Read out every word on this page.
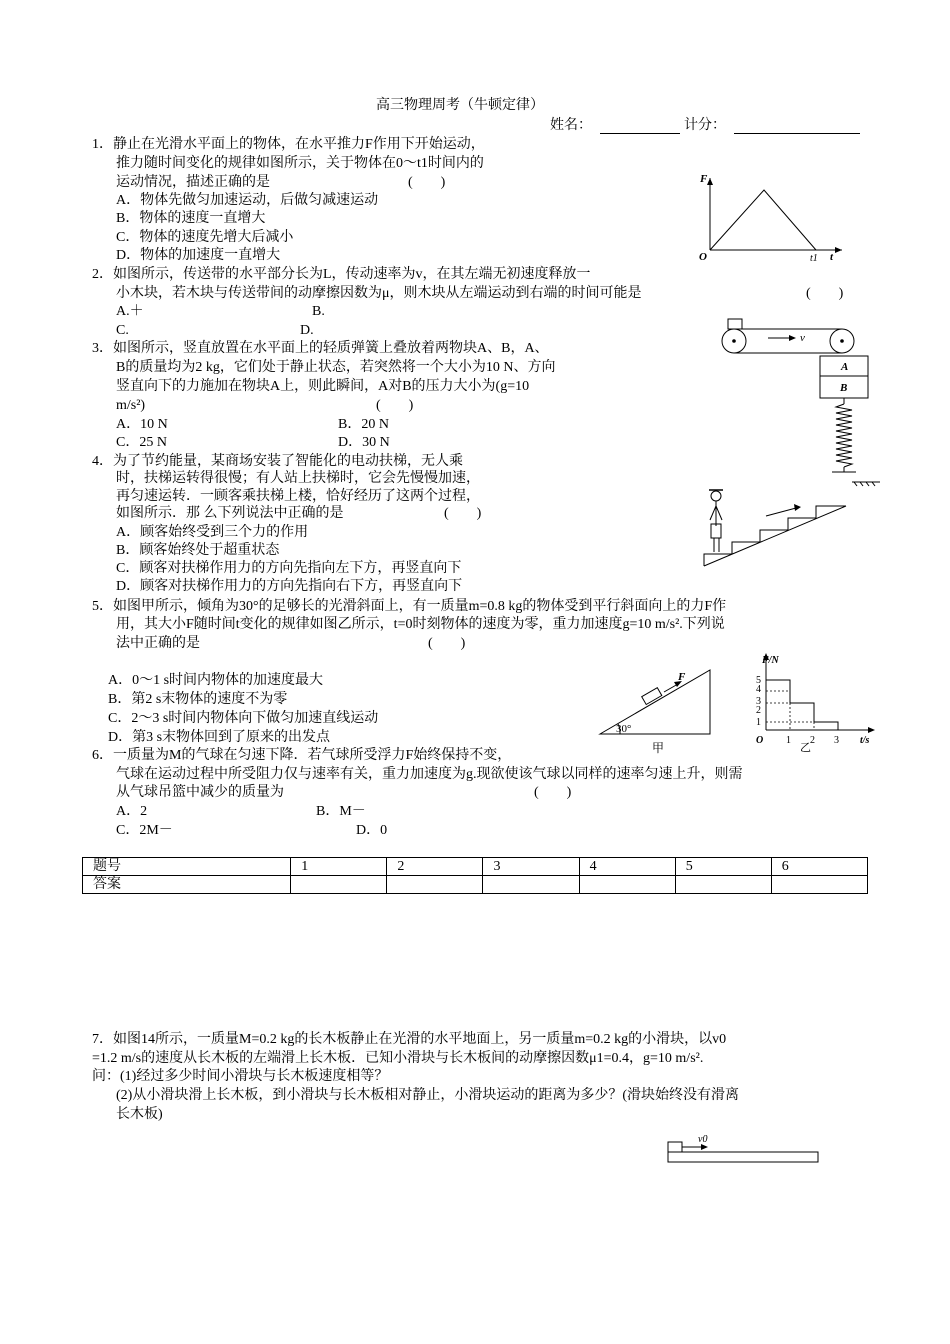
高三物理周考（牛顿定律）
姓名：	计分：
1．静止在光滑水平面上的物体，在水平推力F作用下开始运动，
推力随时间变化的规律如图所示，关于物体在0～t1时间内的
运动情况，描述正确的是	(　　)
A．物体先做匀加速运动，后做匀减速运动
B．物体的速度一直增大
C．物体的速度先增大后减小
D．物体的加速度一直增大
F
O	t1 t
2．如图所示，传送带的水平部分长为L，传动速率为v，在其左端无初速度释放一
小木块，若木块与传送带间的动摩擦因数为μ，则木块从左端运动到右端的时间可能是	(　　)
A.＋	B.
C.	D.	v
3．如图所示，竖直放置在水平面上的轻质弹簧上叠放着两物块A、B，A、
B的质量均为2 kg，它们处于静止状态，若突然将一个大小为10 N、方向
竖直向下的力施加在物块A上，则此瞬间，A对B的压力大小为(g=10
m/s²)	(　　)
A．10 N	B．20 N
C．25 N	D．30 N
A
B
4．为了节约能量，某商场安装了智能化的电动扶梯，无人乘
时，扶梯运转得很慢；有人站上扶梯时，它会先慢慢加速，
再匀速运转．一顾客乘扶梯上楼，恰好经历了这两个过程，
如图所示．那 么下列说法中正确的是	(　　)
A．顾客始终受到三个力的作用
B．顾客始终处于超重状态
C．顾客对扶梯作用力的方向先指向左下方，再竖直向下
D．顾客对扶梯作用力的方向先指向右下方，再竖直向下
5．如图甲所示，倾角为30°的足够长的光滑斜面上，有一质量m=0.8 kg的物体受到平行斜面向上的力F作
用，其大小F随时间t变化的规律如图乙所示，t=0时刻物体的速度为零，重力加速度g=10 m/s².下列说
法中正确的是	(　　)
A．0～1 s时间内物体的加速度最大
B．第2 s末物体的速度不为零
C．2～3 s时间内物体向下做匀加速直线运动
D．第3 s末物体回到了原来的出发点
F
30°
甲
F/N
5
4
3
2
1
O 1 2 3 t/s
乙
6．一质量为M的气球在匀速下降．若气球所受浮力F始终保持不变，
气球在运动过程中所受阻力仅与速率有关，重力加速度为g.现欲使该气球以同样的速率匀速上升，则需
从气球吊篮中减少的质量为	(　　)
A．2	B．M－
C．2M－	D．0
题号	1	2	3	4	5	6
答案						
7．如图14所示，一质量M=0.2 kg的长木板静止在光滑的水平地面上，另一质量m=0.2 kg的小滑块，以v0
=1.2 m/s的速度从长木板的左端滑上长木板．已知小滑块与长木板间的动摩擦因数μ1=0.4，g=10 m/s².
问：(1)经过多少时间小滑块与长木板速度相等？
(2)从小滑块滑上长木板，到小滑块与长木板相对静止，小滑块运动的距离为多少？(滑块始终没有滑离
长木板)
v0
